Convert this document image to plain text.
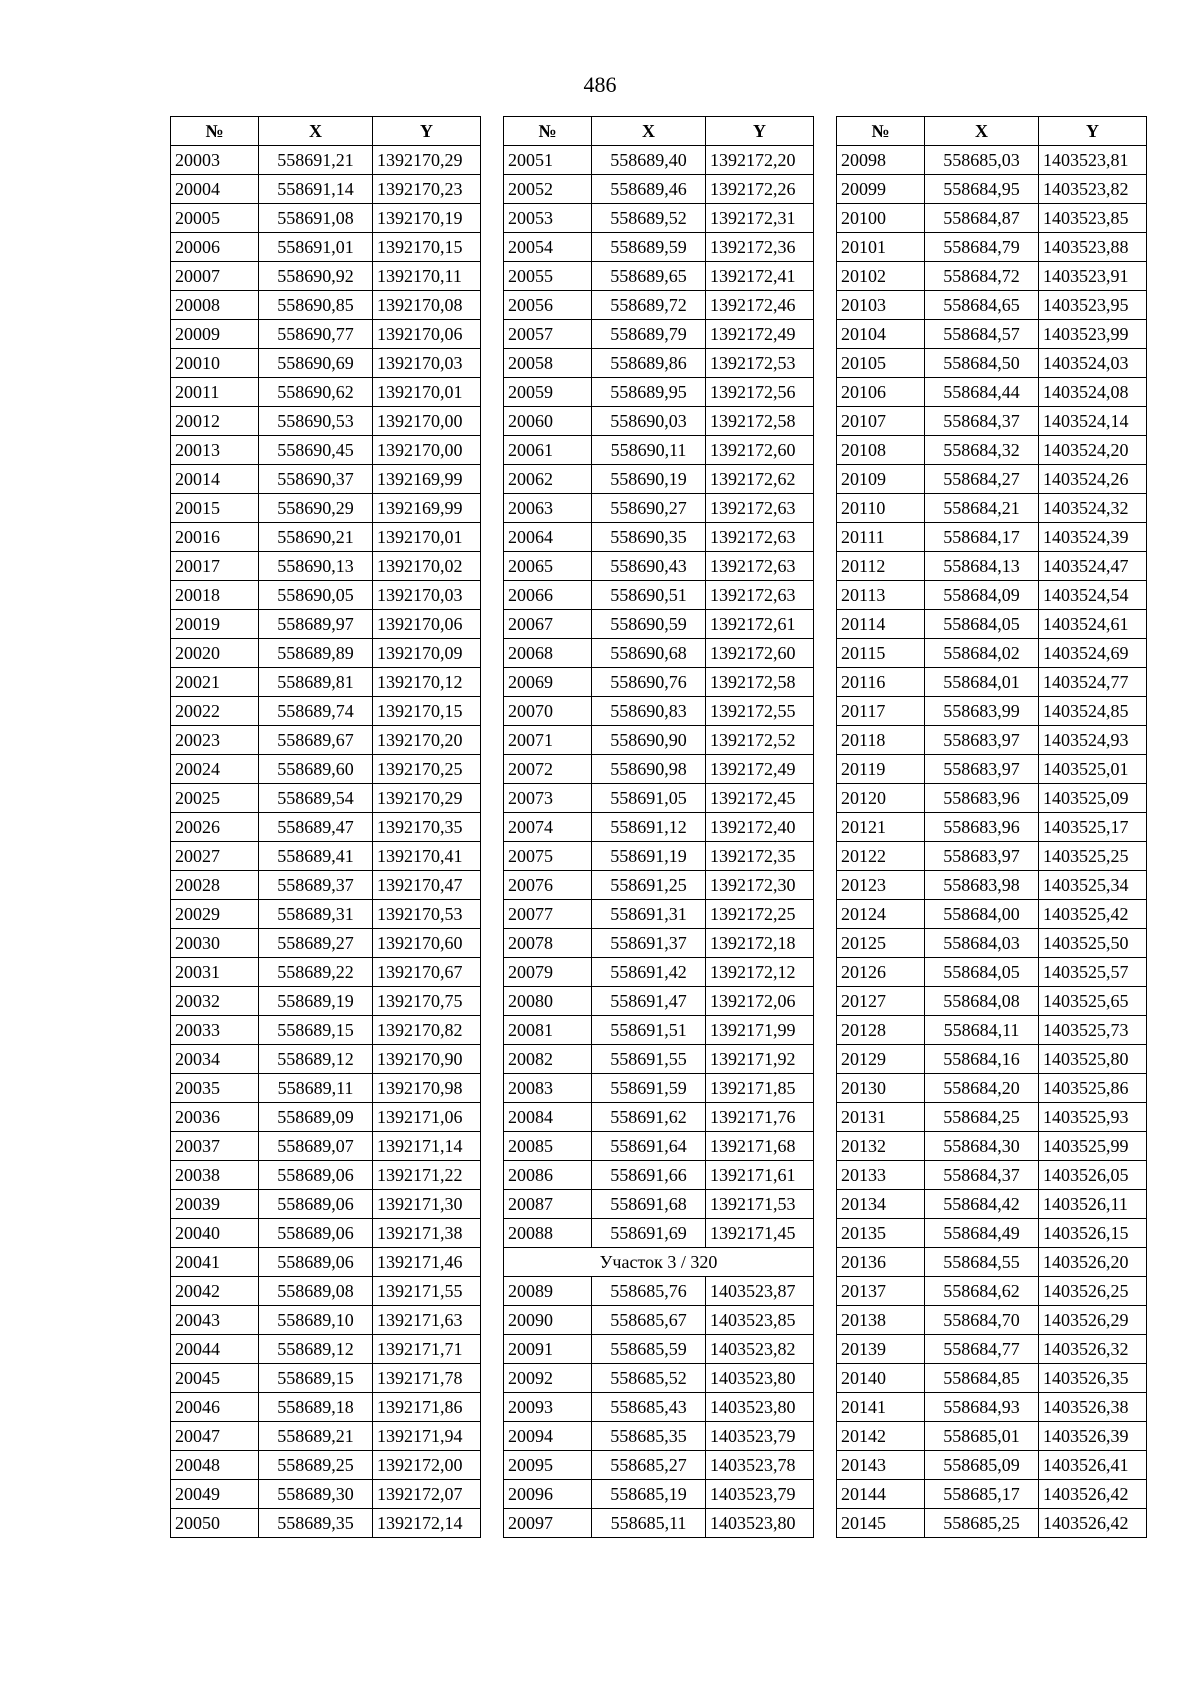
486
№	X	Y
20003	558691,21	1392170,29
20004	558691,14	1392170,23
20005	558691,08	1392170,19
20006	558691,01	1392170,15
20007	558690,92	1392170,11
20008	558690,85	1392170,08
20009	558690,77	1392170,06
20010	558690,69	1392170,03
20011	558690,62	1392170,01
20012	558690,53	1392170,00
20013	558690,45	1392170,00
20014	558690,37	1392169,99
20015	558690,29	1392169,99
20016	558690,21	1392170,01
20017	558690,13	1392170,02
20018	558690,05	1392170,03
20019	558689,97	1392170,06
20020	558689,89	1392170,09
20021	558689,81	1392170,12
20022	558689,74	1392170,15
20023	558689,67	1392170,20
20024	558689,60	1392170,25
20025	558689,54	1392170,29
20026	558689,47	1392170,35
20027	558689,41	1392170,41
20028	558689,37	1392170,47
20029	558689,31	1392170,53
20030	558689,27	1392170,60
20031	558689,22	1392170,67
20032	558689,19	1392170,75
20033	558689,15	1392170,82
20034	558689,12	1392170,90
20035	558689,11	1392170,98
20036	558689,09	1392171,06
20037	558689,07	1392171,14
20038	558689,06	1392171,22
20039	558689,06	1392171,30
20040	558689,06	1392171,38
20041	558689,06	1392171,46
20042	558689,08	1392171,55
20043	558689,10	1392171,63
20044	558689,12	1392171,71
20045	558689,15	1392171,78
20046	558689,18	1392171,86
20047	558689,21	1392171,94
20048	558689,25	1392172,00
20049	558689,30	1392172,07
20050	558689,35	1392172,14
№	X	Y
20051	558689,40	1392172,20
20052	558689,46	1392172,26
20053	558689,52	1392172,31
20054	558689,59	1392172,36
20055	558689,65	1392172,41
20056	558689,72	1392172,46
20057	558689,79	1392172,49
20058	558689,86	1392172,53
20059	558689,95	1392172,56
20060	558690,03	1392172,58
20061	558690,11	1392172,60
20062	558690,19	1392172,62
20063	558690,27	1392172,63
20064	558690,35	1392172,63
20065	558690,43	1392172,63
20066	558690,51	1392172,63
20067	558690,59	1392172,61
20068	558690,68	1392172,60
20069	558690,76	1392172,58
20070	558690,83	1392172,55
20071	558690,90	1392172,52
20072	558690,98	1392172,49
20073	558691,05	1392172,45
20074	558691,12	1392172,40
20075	558691,19	1392172,35
20076	558691,25	1392172,30
20077	558691,31	1392172,25
20078	558691,37	1392172,18
20079	558691,42	1392172,12
20080	558691,47	1392172,06
20081	558691,51	1392171,99
20082	558691,55	1392171,92
20083	558691,59	1392171,85
20084	558691,62	1392171,76
20085	558691,64	1392171,68
20086	558691,66	1392171,61
20087	558691,68	1392171,53
20088	558691,69	1392171,45
Участок 3 / 320		
20089	558685,76	1403523,87
20090	558685,67	1403523,85
20091	558685,59	1403523,82
20092	558685,52	1403523,80
20093	558685,43	1403523,80
20094	558685,35	1403523,79
20095	558685,27	1403523,78
20096	558685,19	1403523,79
20097	558685,11	1403523,80
№	X	Y
20098	558685,03	1403523,81
20099	558684,95	1403523,82
20100	558684,87	1403523,85
20101	558684,79	1403523,88
20102	558684,72	1403523,91
20103	558684,65	1403523,95
20104	558684,57	1403523,99
20105	558684,50	1403524,03
20106	558684,44	1403524,08
20107	558684,37	1403524,14
20108	558684,32	1403524,20
20109	558684,27	1403524,26
20110	558684,21	1403524,32
20111	558684,17	1403524,39
20112	558684,13	1403524,47
20113	558684,09	1403524,54
20114	558684,05	1403524,61
20115	558684,02	1403524,69
20116	558684,01	1403524,77
20117	558683,99	1403524,85
20118	558683,97	1403524,93
20119	558683,97	1403525,01
20120	558683,96	1403525,09
20121	558683,96	1403525,17
20122	558683,97	1403525,25
20123	558683,98	1403525,34
20124	558684,00	1403525,42
20125	558684,03	1403525,50
20126	558684,05	1403525,57
20127	558684,08	1403525,65
20128	558684,11	1403525,73
20129	558684,16	1403525,80
20130	558684,20	1403525,86
20131	558684,25	1403525,93
20132	558684,30	1403525,99
20133	558684,37	1403526,05
20134	558684,42	1403526,11
20135	558684,49	1403526,15
20136	558684,55	1403526,20
20137	558684,62	1403526,25
20138	558684,70	1403526,29
20139	558684,77	1403526,32
20140	558684,85	1403526,35
20141	558684,93	1403526,38
20142	558685,01	1403526,39
20143	558685,09	1403526,41
20144	558685,17	1403526,42
20145	558685,25	1403526,42
